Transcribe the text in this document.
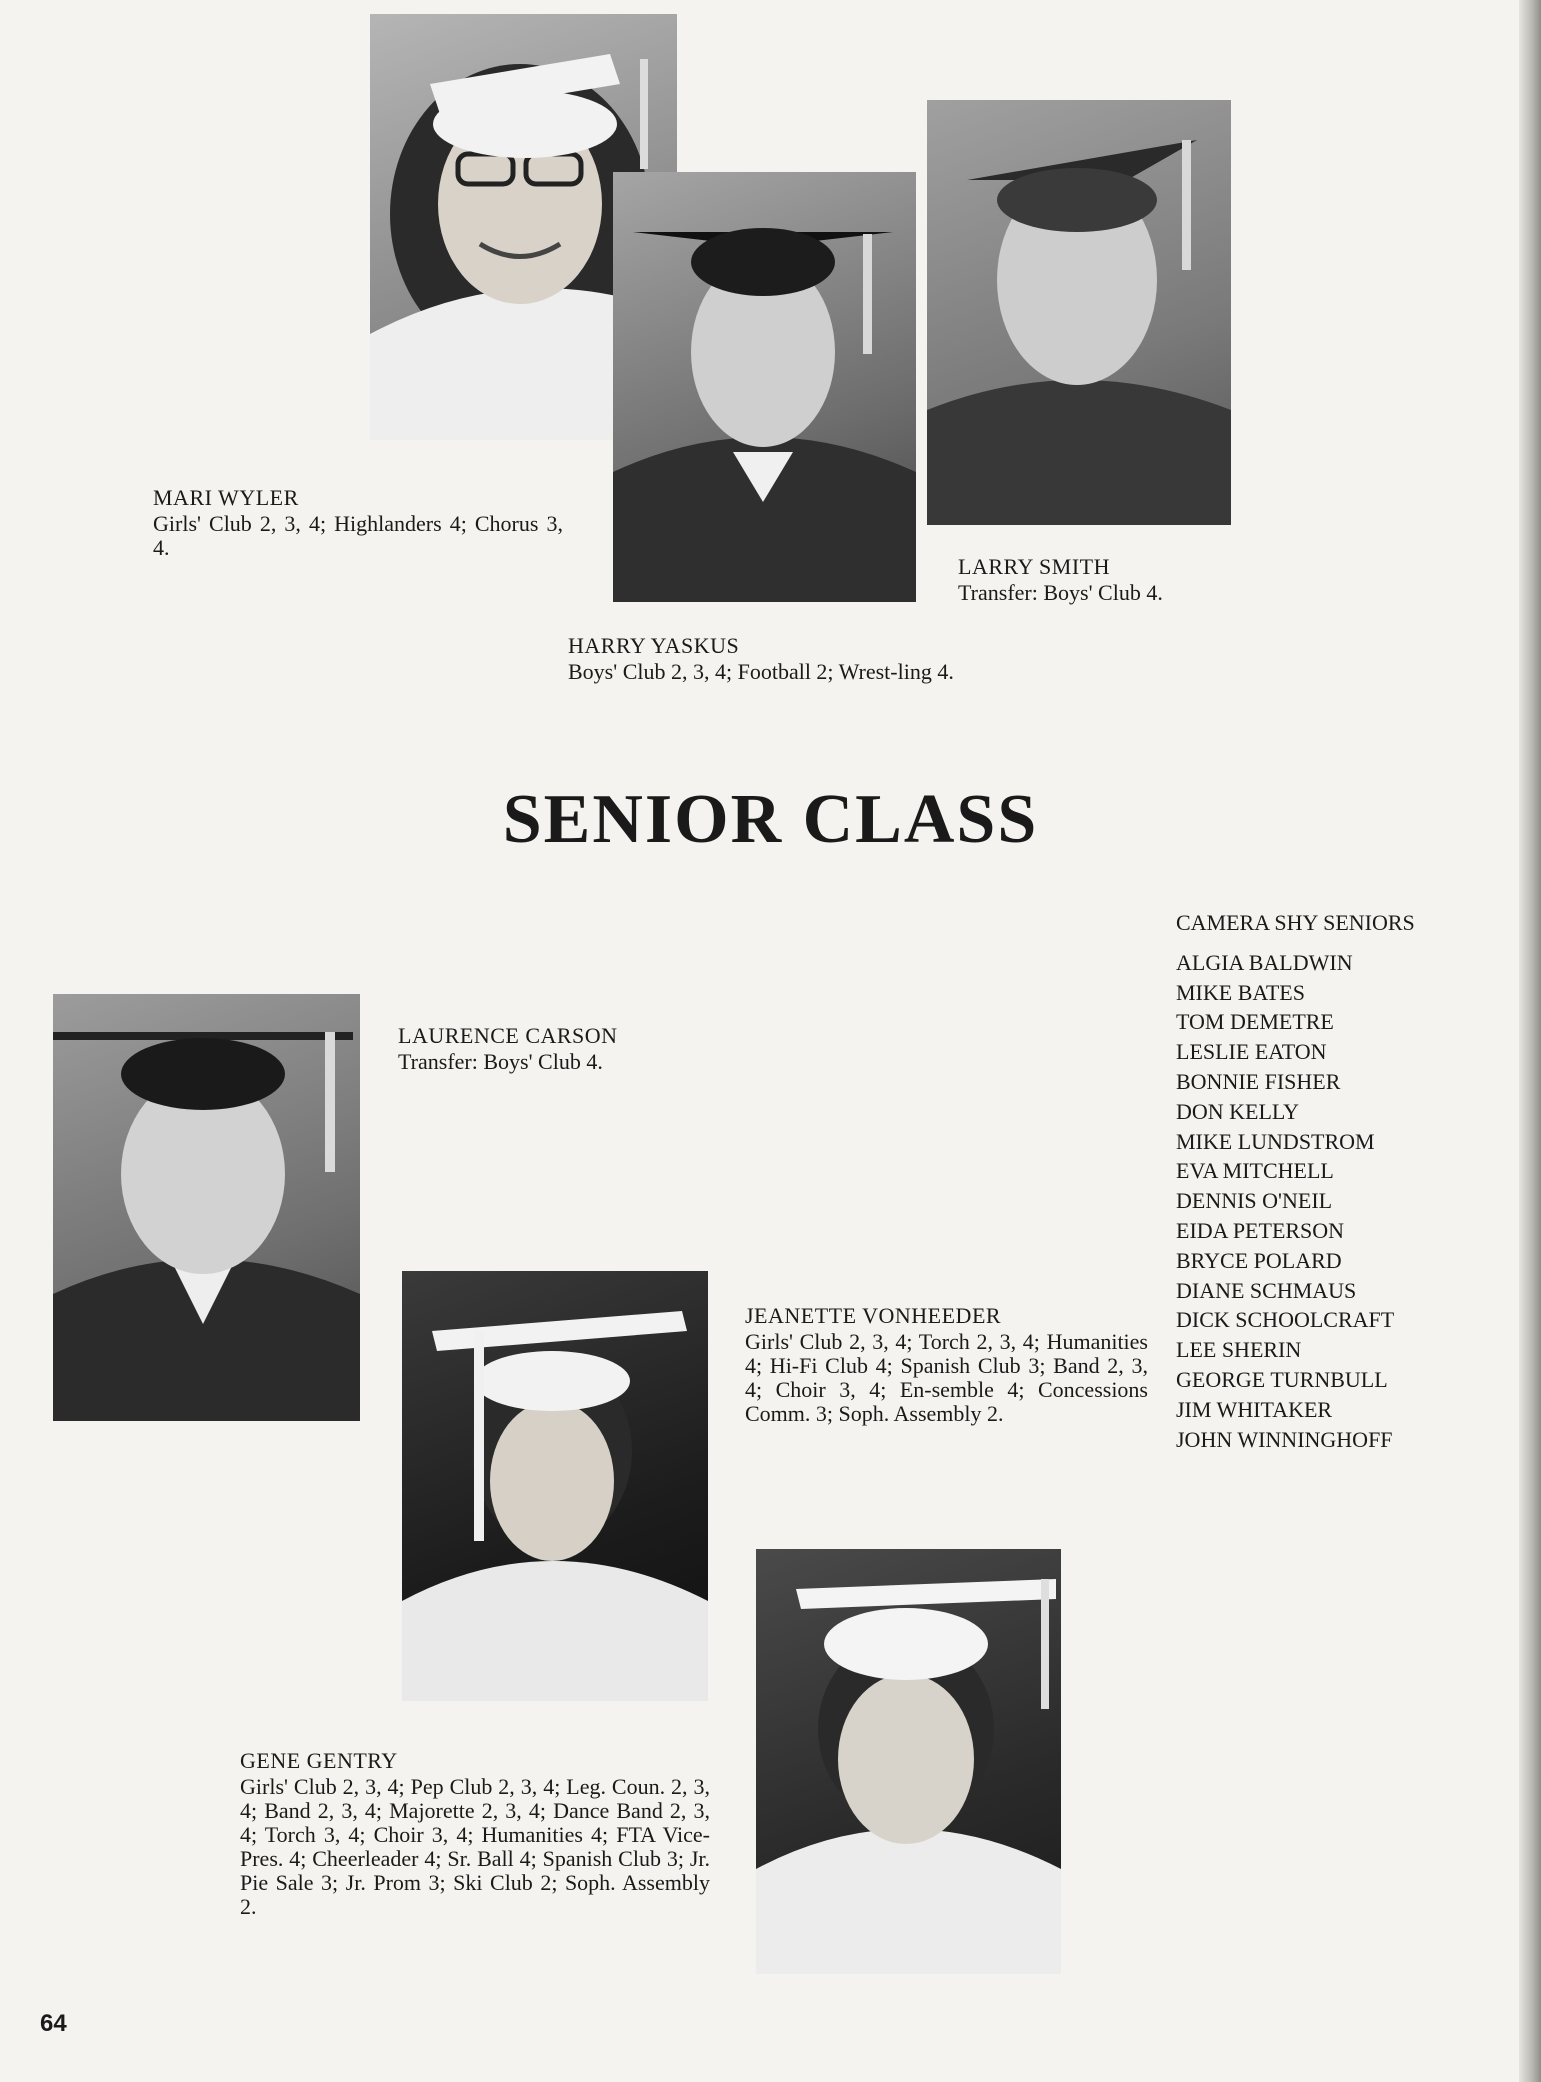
MARI WYLER
Girls' Club 2, 3, 4; Highlanders 4; Chorus 3, 4.
LARRY SMITH
Transfer: Boys' Club 4.
HARRY YASKUS
Boys' Club 2, 3, 4; Football 2; Wrest-ling 4.
SENIOR CLASS
CAMERA SHY SENIORS
ALGIA BALDWIN
MIKE BATES
TOM DEMETRE
LESLIE EATON
BONNIE FISHER
DON KELLY
MIKE LUNDSTROM
EVA MITCHELL
DENNIS O'NEIL
EIDA PETERSON
BRYCE POLARD
DIANE SCHMAUS
DICK SCHOOLCRAFT
LEE SHERIN
GEORGE TURNBULL
JIM WHITAKER
JOHN WINNINGHOFF
LAURENCE CARSON
Transfer: Boys' Club 4.
JEANETTE VONHEEDER
Girls' Club 2, 3, 4; Torch 2, 3, 4; Humanities 4; Hi-Fi Club 4; Spanish Club 3; Band 2, 3, 4; Choir 3, 4; En-semble 4; Concessions Comm. 3; Soph. Assembly 2.
GENE GENTRY
Girls' Club 2, 3, 4; Pep Club 2, 3, 4; Leg. Coun. 2, 3, 4; Band 2, 3, 4; Majorette 2, 3, 4; Dance Band 2, 3, 4; Torch 3, 4; Choir 3, 4; Humanities 4; FTA Vice-Pres. 4; Cheerleader 4; Sr. Ball 4; Spanish Club 3; Jr. Pie Sale 3; Jr. Prom 3; Ski Club 2; Soph. Assembly 2.
64
